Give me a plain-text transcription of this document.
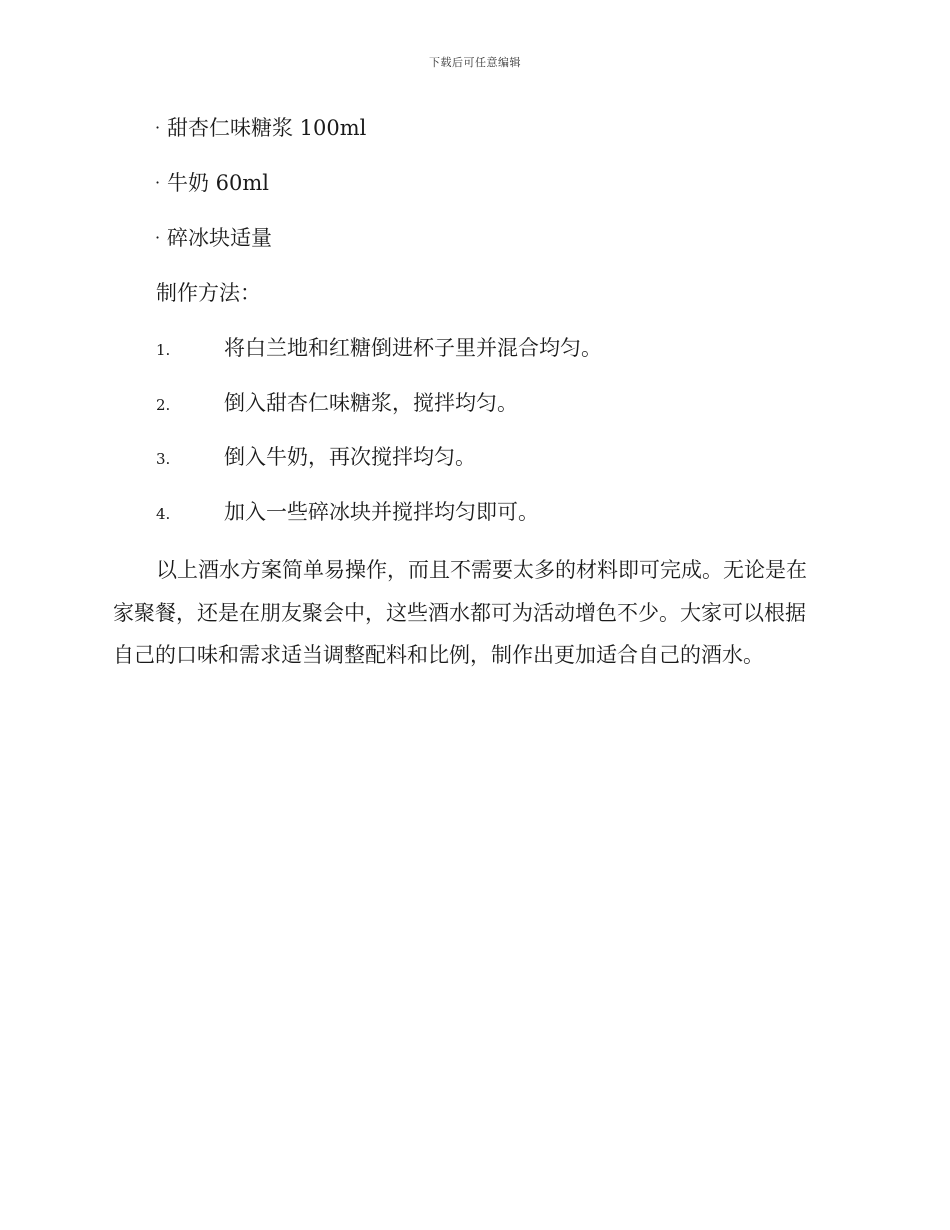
下载后可任意编辑
· 甜杏仁味糖浆 100ml
· 牛奶 60ml
· 碎冰块适量
制作方法：
1.	将白兰地和红糖倒进杯子里并混合均匀。
2.	倒入甜杏仁味糖浆，搅拌均匀。
3.	倒入牛奶，再次搅拌均匀。
4.	加入一些碎冰块并搅拌均匀即可。
以上酒水方案简单易操作，而且不需要太多的材料即可完成。无论是在
家聚餐，还是在朋友聚会中，这些酒水都可为活动增色不少。大家可以根据
自己的口味和需求适当调整配料和比例，制作出更加适合自己的酒水。
